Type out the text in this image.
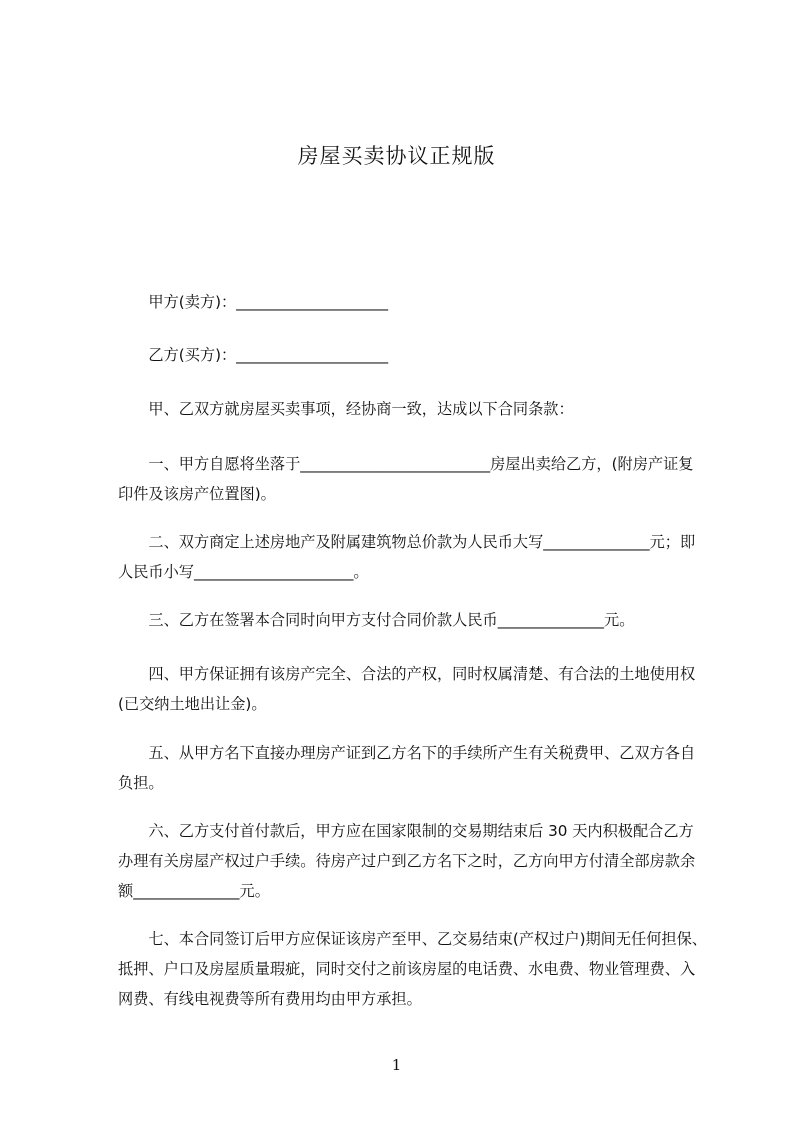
房屋买卖协议正规版
甲方(卖方)：____________________
乙方(买方)：____________________
甲、乙双方就房屋买卖事项，经协商一致，达成以下合同条款：
一、甲方自愿将坐落于_________________________房屋出卖给乙方，(附房产证复印件及该房产位置图)。
二、双方商定上述房地产及附属建筑物总价款为人民币大写______________元；即人民币小写_____________________。
三、乙方在签署本合同时向甲方支付合同价款人民币______________元。
四、甲方保证拥有该房产完全、合法的产权，同时权属清楚、有合法的土地使用权(已交纳土地出让金)。
五、从甲方名下直接办理房产证到乙方名下的手续所产生有关税费甲、乙双方各自负担。
六、乙方支付首付款后，甲方应在国家限制的交易期结束后 30 天内积极配合乙方办理有关房屋产权过户手续。待房产过户到乙方名下之时，乙方向甲方付清全部房款余额______________元。
七、本合同签订后甲方应保证该房产至甲、乙交易结束(产权过户)期间无任何担保、抵押、户口及房屋质量瑕疵，同时交付之前该房屋的电话费、水电费、物业管理费、入网费、有线电视费等所有费用均由甲方承担。
1
